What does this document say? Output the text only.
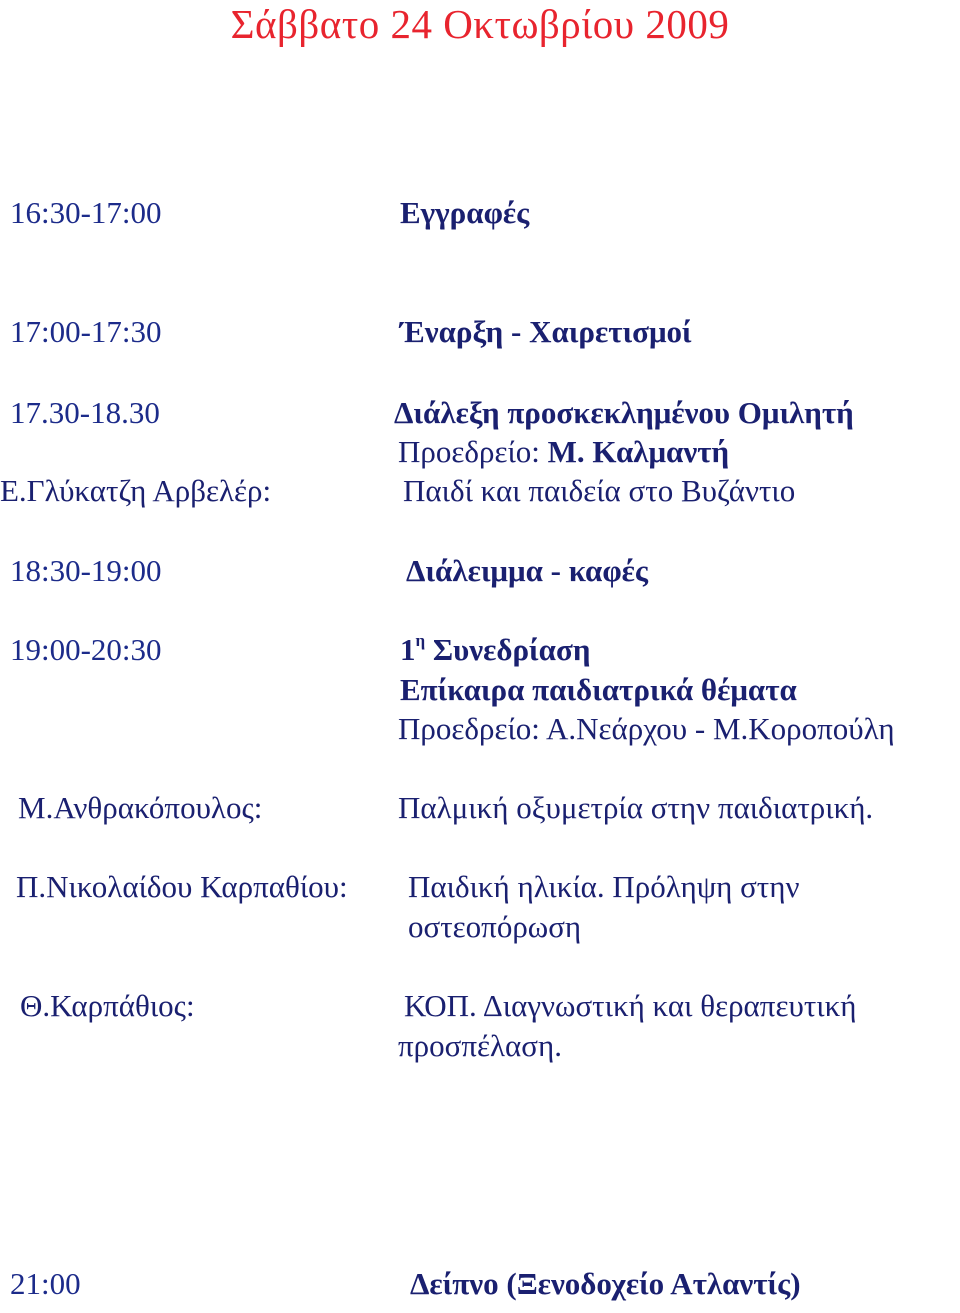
Σάββατο 24 Οκτωβρίου 2009
16:30-17:00	Εγγραφές
17:00-17:30	Έναρξη - Χαιρετισμοί
17.30-18.30	Διάλεξη προσκεκλημένου Ομιλητή
Προεδρείο: Μ. Καλμαντή
Ε.Γλύκατζη Αρβελέρ:	Παιδί και παιδεία στο Βυζάντιο
18:30-19:00	Διάλειμμα - καφές
19:00-20:30	$1^\eta$ Συνεδρίαση
Επίκαιρα παιδιατρικά θέματα
Προεδρείο: Α.Νεάρχου - Μ.Κοροπούλη
Μ.Ανθρακόπουλος:	Παλμική οξυμετρία στην παιδιατρική.
Π.Νικολαίδου Καρπαθίου: Παιδική ηλικία. Πρόληψη στην
οστεοπόρωση
Θ.Καρπάθιος:	ΚΟΠ. Διαγνωστική και θεραπευτική
προσπέλαση.
21:00	Δείπνο (Ξενοδοχείο Ατλαντίς)
